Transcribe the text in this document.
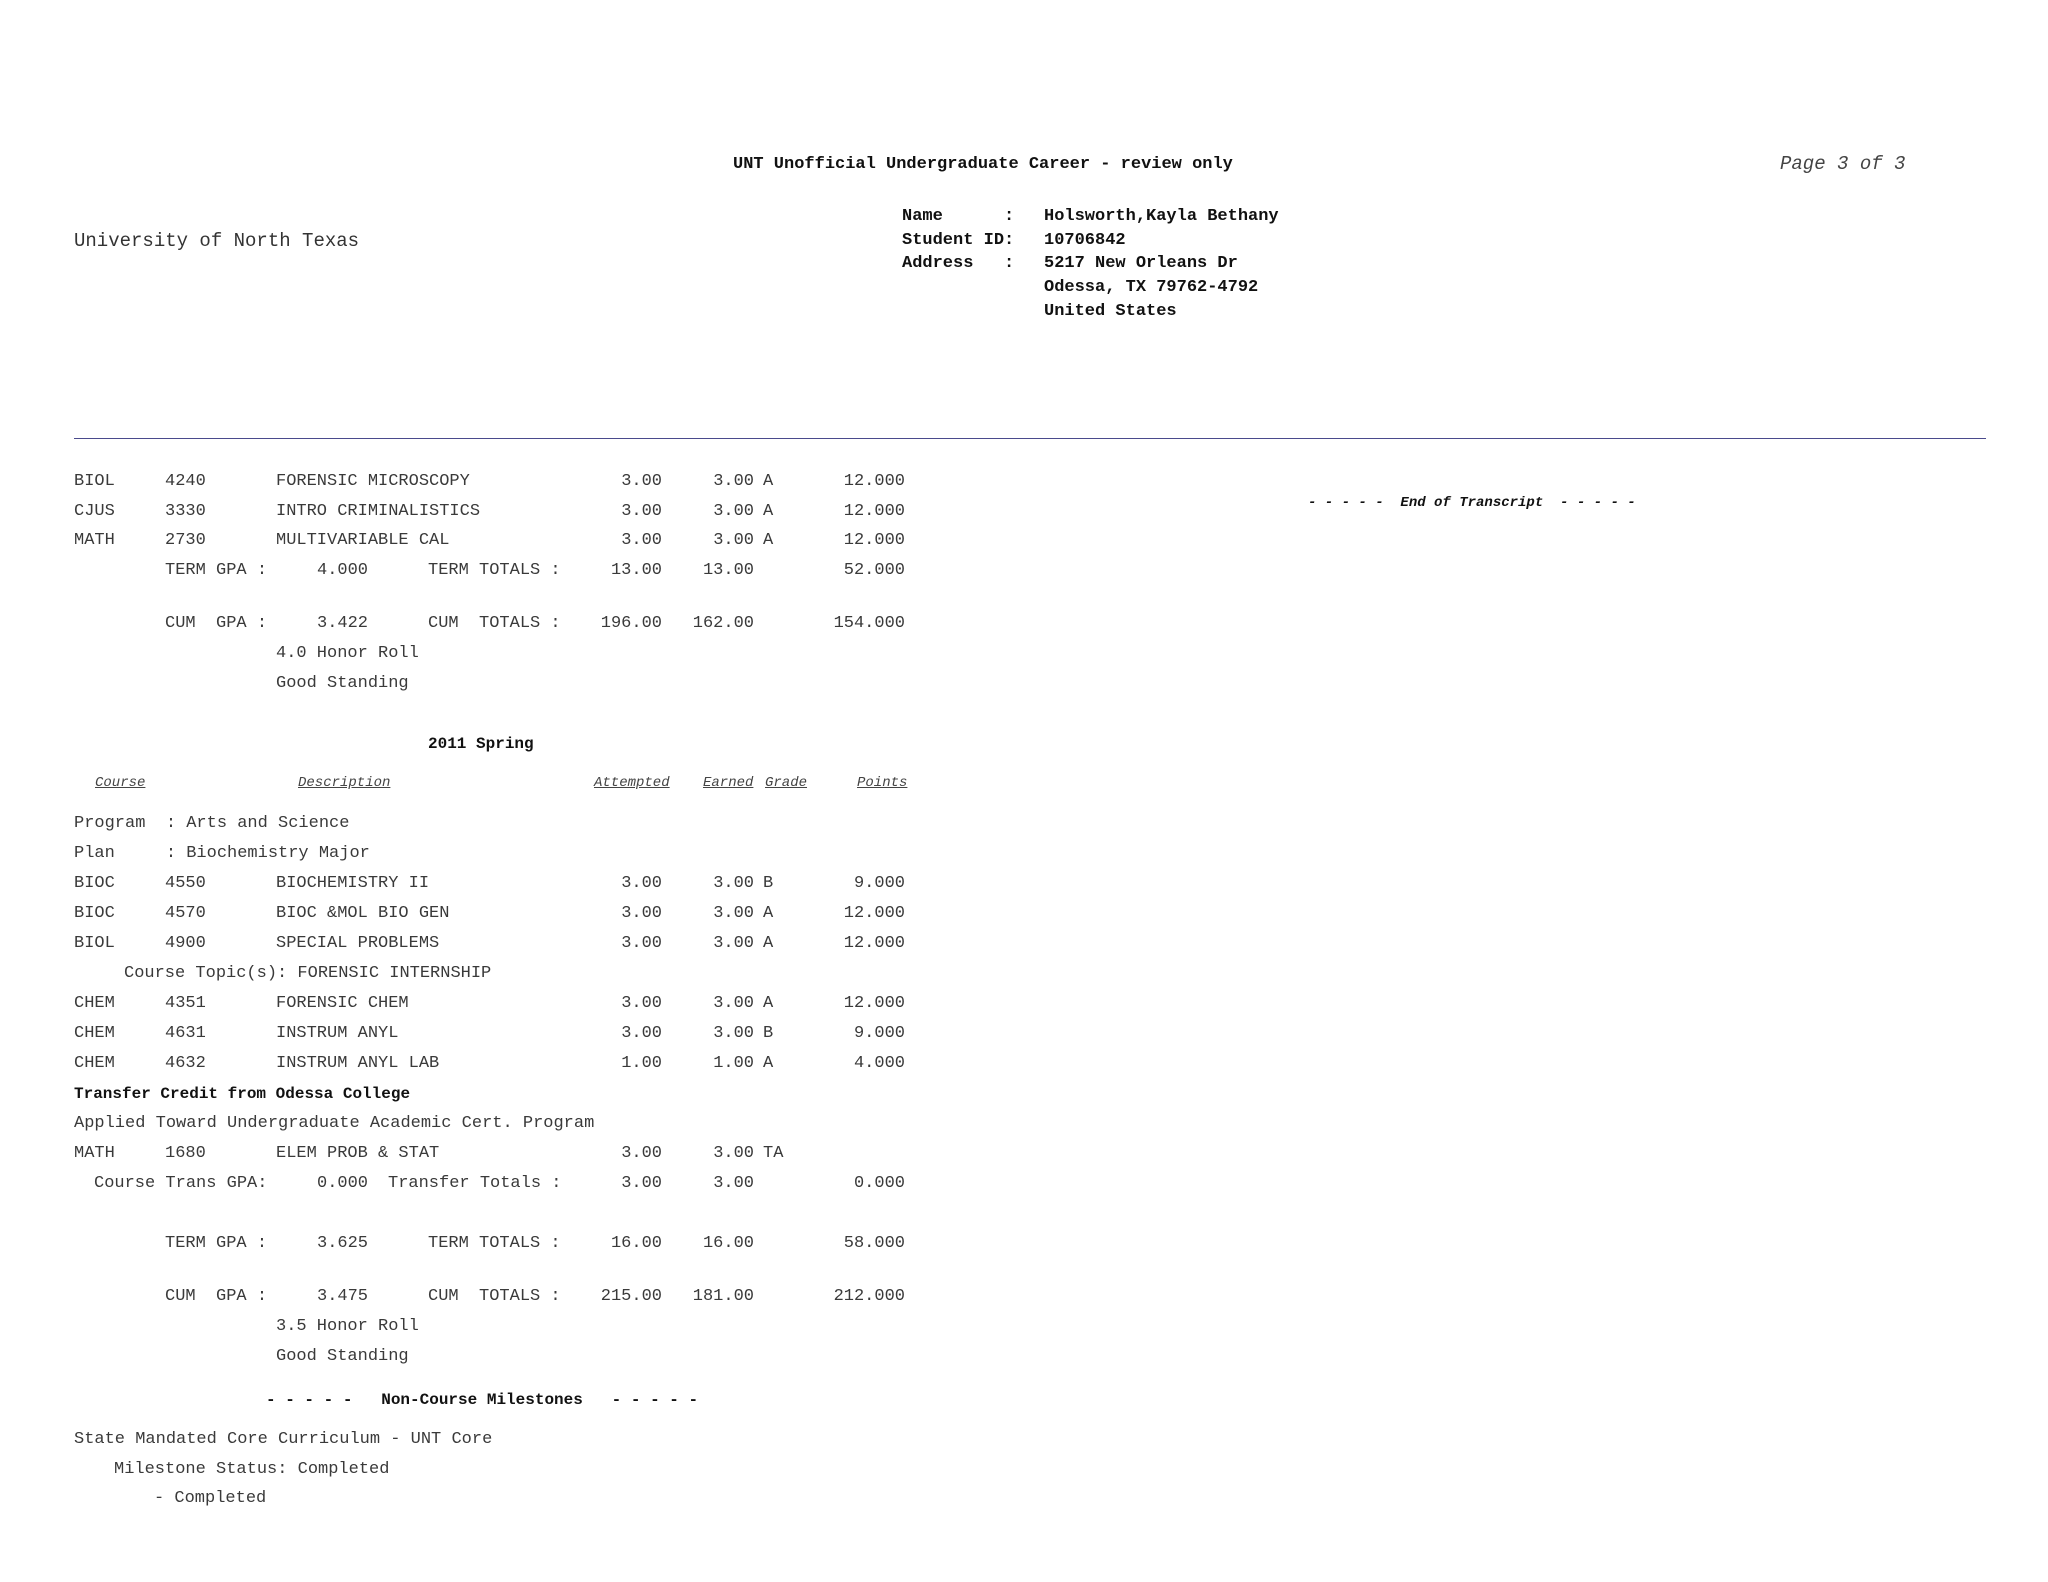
UNT Unofficial Undergraduate Career - review only	Page 3 of 3
University of North Texas
Name      : Holsworth,Kayla Bethany
Student ID: 10706842
Address   : 5217 New Orleans Dr
Odessa, TX 79762-4792
United States
- - - - -  End of Transcript  - - - - -
BIOL	4240	FORENSIC MICROSCOPY	3.00	3.00 A	12.000
CJUS	3330	INTRO CRIMINALISTICS	3.00	3.00 A	12.000
MATH	2730	MULTIVARIABLE CAL	3.00	3.00 A	12.000
TERM GPA :	4.000	TERM TOTALS :	13.00	13.00	52.000
CUM  GPA :	3.422	CUM  TOTALS :	196.00	162.00	154.000
4.0 Honor Roll
Good Standing
2011 Spring
Course	Description	Attempted Earned Grade	Points
Program  : Arts and Science
Plan     : Biochemistry Major
BIOC	4550	BIOCHEMISTRY II	3.00	3.00 B	9.000
BIOC	4570	BIOC &MOL BIO GEN	3.00	3.00 A	12.000
BIOL	4900	SPECIAL PROBLEMS	3.00	3.00 A	12.000
Course Topic(s): FORENSIC INTERNSHIP
CHEM	4351	FORENSIC CHEM	3.00	3.00 A	12.000
CHEM	4631	INSTRUM ANYL	3.00	3.00 B	9.000
CHEM	4632	INSTRUM ANYL LAB	1.00	1.00 A	4.000
Transfer Credit from Odessa College
Applied Toward Undergraduate Academic Cert. Program
MATH	1680	ELEM PROB & STAT	3.00	3.00 TA
Course Trans GPA:	0.000 Transfer Totals :	3.00	3.00	0.000
TERM GPA :	3.625	TERM TOTALS :	16.00	16.00	58.000
CUM  GPA :	3.475	CUM  TOTALS :	215.00	181.00	212.000
3.5 Honor Roll
Good Standing
- - - - -   Non-Course Milestones   - - - - -
State Mandated Core Curriculum - UNT Core
Milestone Status: Completed
- Completed
